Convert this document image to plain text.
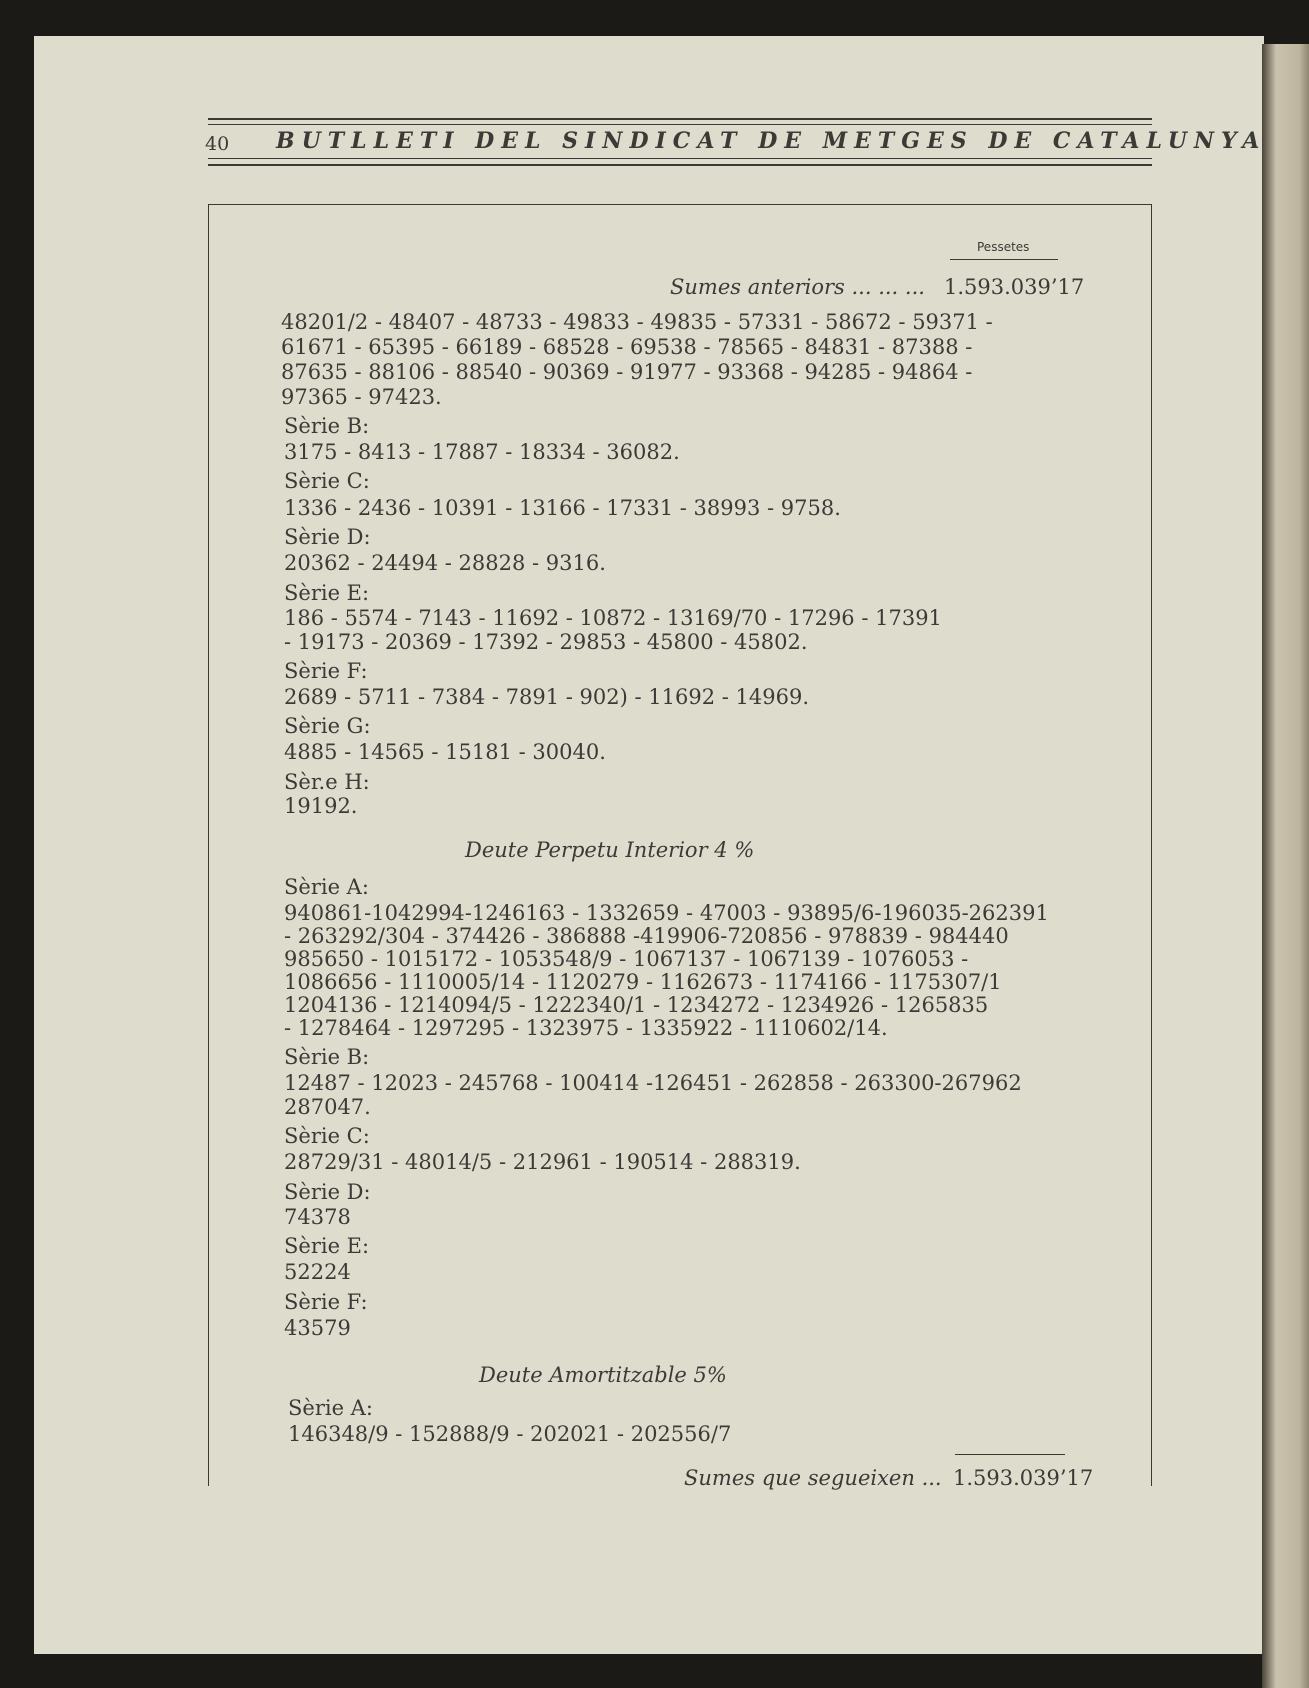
40 BUTLLETI DEL SINDICAT DE METGES DE CATALUNYA
Pessetes
Sumes anteriors ... ... ... 1.593.039’17
48201/2 - 48407 - 48733 - 49833 - 49835 - 57331 - 58672 - 59371 -
61671 - 65395 - 66189 - 68528 - 69538 - 78565 - 84831 - 87388 -
87635 - 88106 - 88540 - 90369 - 91977 - 93368 - 94285 - 94864 -
97365 - 97423.
Sèrie B:
3175 - 8413 - 17887 - 18334 - 36082.
Sèrie C:
1336 - 2436 - 10391 - 13166 - 17331 - 38993 - 9758.
Sèrie D:
20362 - 24494 - 28828 - 9316.
Sèrie E:
186 - 5574 - 7143 - 11692 - 10872 - 13169/70 - 17296 - 17391
- 19173 - 20369 - 17392 - 29853 - 45800 - 45802.
Sèrie F:
2689 - 5711 - 7384 - 7891 - 902) - 11692 - 14969.
Sèrie G:
4885 - 14565 - 15181 - 30040.
Sèr.e H:
19192.
Deute Perpetu Interior 4 %
Sèrie A:
940861-1042994-1246163 - 1332659 - 47003 - 93895/6-196035-262391
- 263292/304 - 374426 - 386888 -419906-720856 - 978839 - 984440
985650 - 1015172 - 1053548/9 - 1067137 - 1067139 - 1076053 -
1086656 - 1110005/14 - 1120279 - 1162673 - 1174166 - 1175307/1
1204136 - 1214094/5 - 1222340/1 - 1234272 - 1234926 - 1265835
- 1278464 - 1297295 - 1323975 - 1335922 - 1110602/14.
Sèrie B:
12487 - 12023 - 245768 - 100414 -126451 - 262858 - 263300-267962
287047.
Sèrie C:
28729/31 - 48014/5 - 212961 - 190514 - 288319.
Sèrie D:
74378
Sèrie E:
52224
Sèrie F:
43579
Deute Amortitzable 5%
Sèrie A:
146348/9 - 152888/9 - 202021 - 202556/7
Sumes que segueixen ... 1.593.039’17
